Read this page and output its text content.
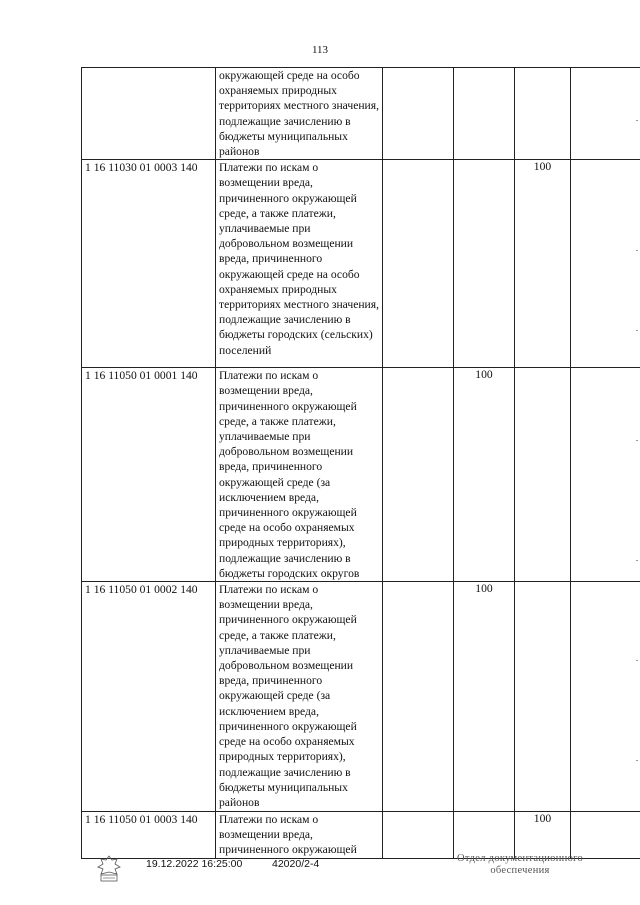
113
	окружающей среде на особо охраняемых природных территориях местного значения, подлежащие зачислению в бюджеты муниципальных районов	

1 16 11030 01 0003 140	Платежи по искам о возмещении вреда, причиненного окружающей среде, а также платежи, уплачиваемые при добровольном возмещении вреда, причиненного окружающей среде на особо охраняемых природных территориях местного значения, подлежащие зачислению в бюджеты городских (сельских) поселений			100	

1 16 11050 01 0001 140	Платежи по искам о возмещении вреда, причиненного окружающей среде, а также платежи, уплачиваемые при добровольном возмещении вреда, причиненного окружающей среде (за исключением вреда, причиненного окружающей среде на особо охраняемых природных территориях), подлежащие зачислению в бюджеты городских округов		100		

1 16 11050 01 0002 140	Платежи по искам о возмещении вреда, причиненного окружающей среде, а также платежи, уплачиваемые при добровольном возмещении вреда, причиненного окружающей среде (за исключением вреда, причиненного окружающей среде на особо охраняемых природных территориях), подлежащие зачислению в бюджеты муниципальных районов		100		

1 16 11050 01 0003 140	Платежи по искам о возмещении вреда, причиненного окружающей			100	

19.12.2022 16:25:00	42020/2-4	Отдел документационного
обеспечения
